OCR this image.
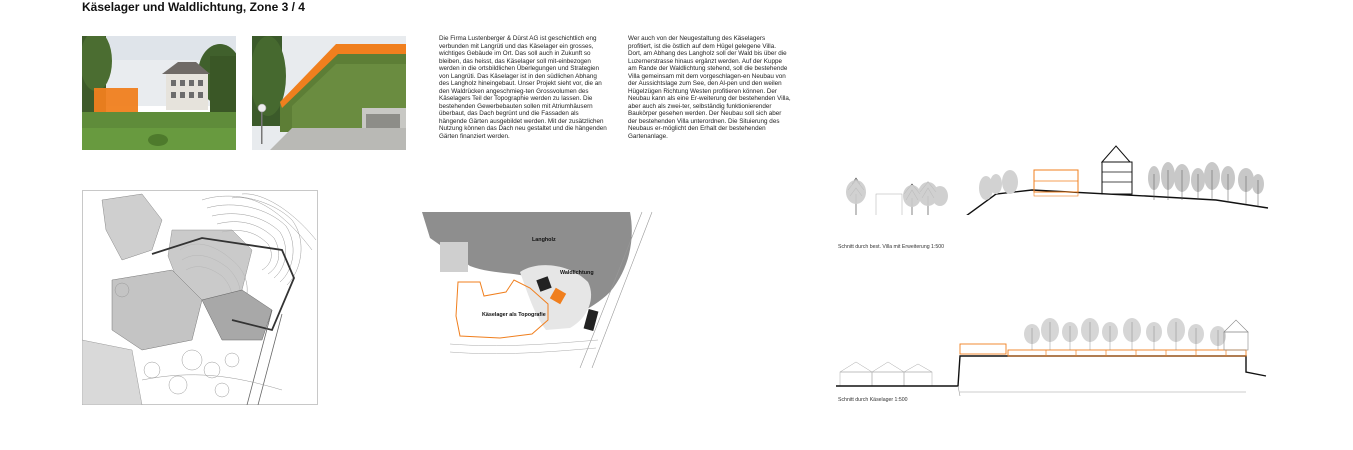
Käselager und Waldlichtung, Zone 3 / 4
Die Firma Lustenberger & Dürst AG ist geschichtlich eng verbunden mit Langrüti und das Käselager ein grosses, wichtiges Gebäude im Ort. Das soll auch in Zukunft so bleiben, das heisst, das Käselager soll mit-einbezogen werden in die ortsbildlichen Überlegungen und Strategien von Langrüti. Das Käselager ist in den südlichen Abhang des Langholz hineingebaut. Unser Projekt sieht vor, die an den Waldrücken angeschmieg-ten Grossvolumen des Käselagers Teil der Topographie werden zu lassen. Die bestehenden Gewerbebauten sollen mit Atriumhäusern überbaut, das Dach begrünt und die Fassaden als hängende Gärten ausgebildet werden. Mit der zusätzlichen Nutzung können das Dach neu gestaltet und die hängenden Gärten finanziert werden.
Wer auch von der Neugestaltung des Käselagers profitiert, ist die östlich auf dem Hügel gelegene Villa. Dort, am Abhang des Langholz soll der Wald bis über die Luzernerstrasse hinaus ergänzt werden. Auf der Kuppe am Rande der Waldlichtung stehend, soll die bestehende Villa gemeinsam mit dem vorgeschlagen-en Neubau von der Aussichtslage zum See, den Al-pen und den weilen Hügelzügen Richtung Westen profitieren können. Der Neubau kann als eine Er-weiterung der bestehenden Villa, aber auch als zwei-ter, selbständig funktionierender Baukörper gesehen werden. Der Neubau soll sich aber der bestehenden Villa unterordnen. Die Situierung des Neubaus er-möglicht den Erhalt der bestehenden Gartenanlage.
Langholz
Waldlichtung
Käselager als Topografie
Schnitt durch best. Villa mit Erweiterung 1:500
Schnitt durch Käselager 1:500
